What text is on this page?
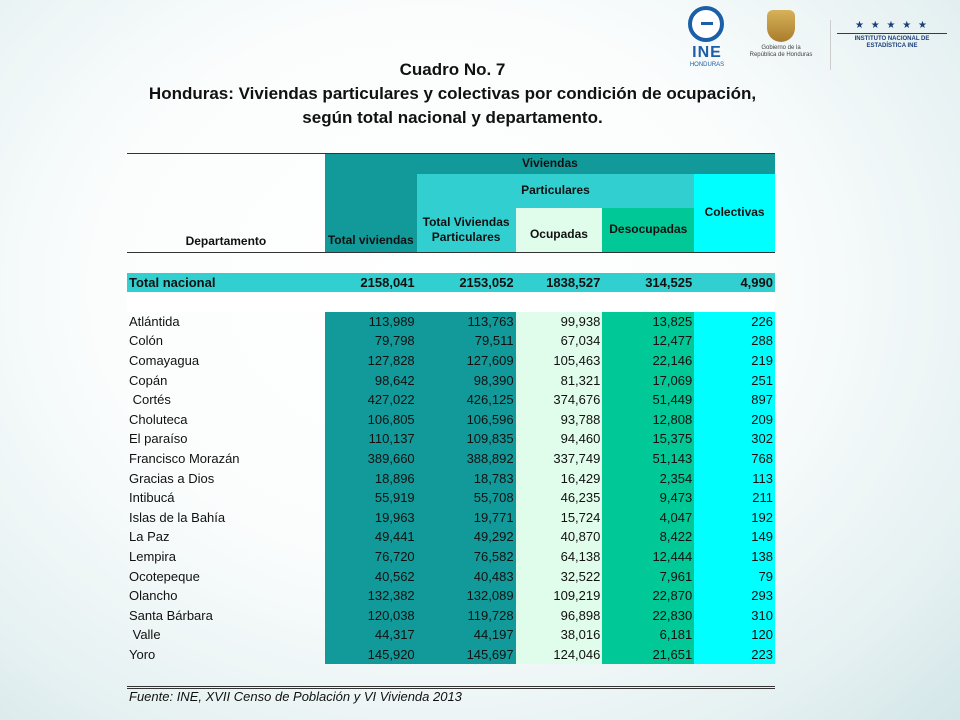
INE
HONDURAS
Gobierno de la República de Honduras
★ ★ ★ ★ ★
INSTITUTO NACIONAL DE ESTADÍSTICA INE
Cuadro No. 7
Honduras: Viviendas particulares y colectivas por condición de ocupación, según total nacional y departamento.
Departamento	Viviendas				
	Total viviendas	Particulares			Colectivas
		Total Viviendas Particulares	Ocupadas	Desocupadas	

Total nacional	2158,041	2153,052	1838,527	314,525	4,990

Atlántida	113,989	113,763	99,938	13,825	226
Colón	79,798	79,511	67,034	12,477	288
Comayagua	127,828	127,609	105,463	22,146	219
Copán	98,642	98,390	81,321	17,069	251
Cortés	427,022	426,125	374,676	51,449	897
Choluteca	106,805	106,596	93,788	12,808	209
El paraíso	110,137	109,835	94,460	15,375	302
Francisco Morazán	389,660	388,892	337,749	51,143	768
Gracias a Dios	18,896	18,783	16,429	2,354	113
Intibucá	55,919	55,708	46,235	9,473	211
Islas de la Bahía	19,963	19,771	15,724	4,047	192
La Paz	49,441	49,292	40,870	8,422	149
Lempira	76,720	76,582	64,138	12,444	138
Ocotepeque	40,562	40,483	32,522	7,961	79
Olancho	132,382	132,089	109,219	22,870	293
Santa Bárbara	120,038	119,728	96,898	22,830	310
Valle	44,317	44,197	38,016	6,181	120
Yoro	145,920	145,697	124,046	21,651	223
Fuente: INE, XVII Censo de Población y VI Vivienda 2013
